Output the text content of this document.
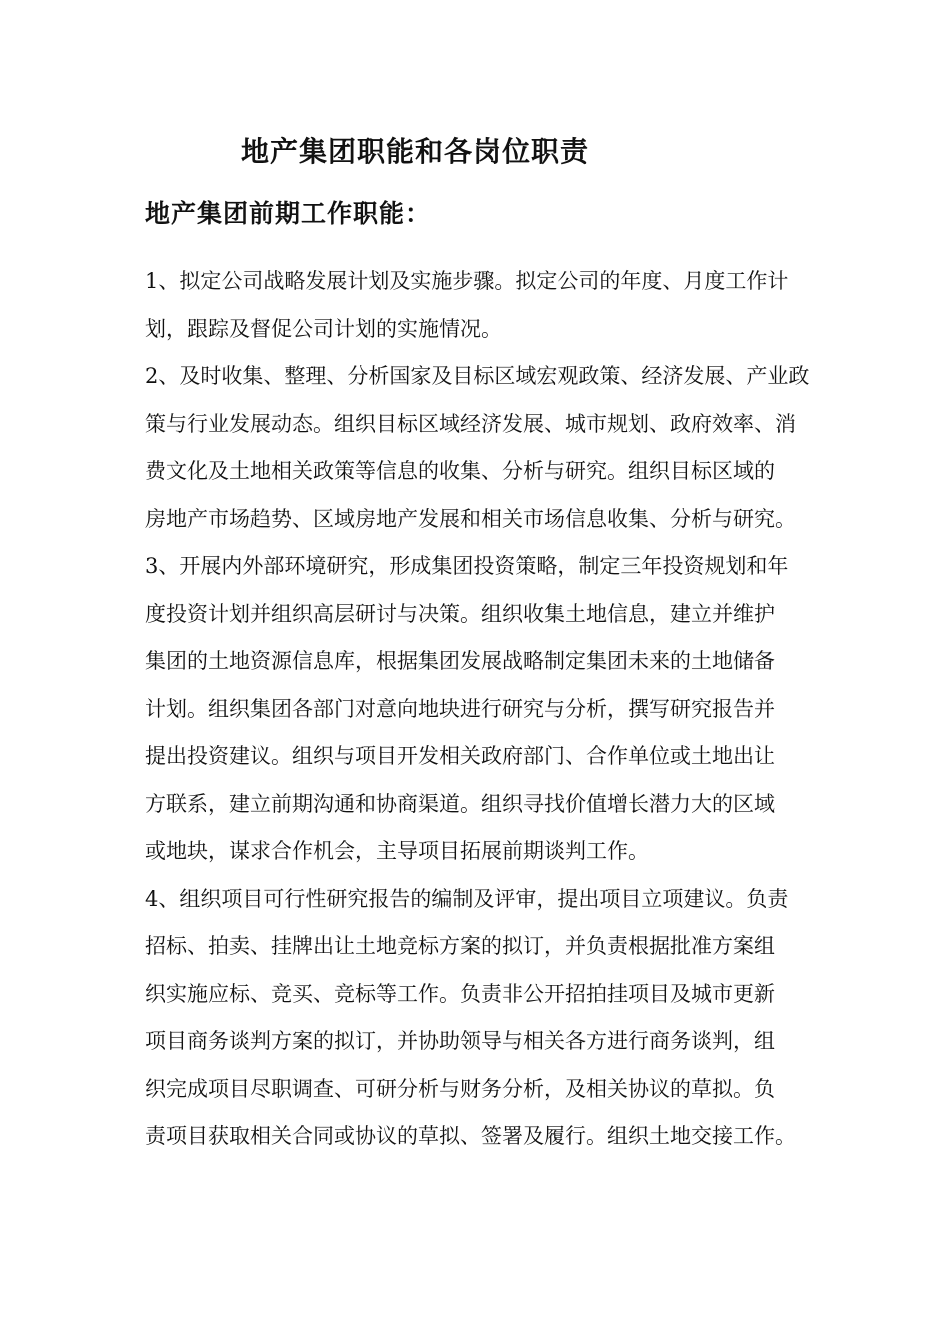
地产集团职能和各岗位职责
地产集团前期工作职能：

1、拟定公司战略发展计划及实施步骤。拟定公司的年度、月度工作计
划，跟踪及督促公司计划的实施情况。

2、及时收集、整理、分析国家及目标区域宏观政策、经济发展、产业政
策与行业发展动态。组织目标区域经济发展、城市规划、政府效率、消
费文化及土地相关政策等信息的收集、分析与研究。组织目标区域的
房地产市场趋势、区域房地产发展和相关市场信息收集、分析与研究。

3、开展内外部环境研究，形成集团投资策略，制定三年投资规划和年
度投资计划并组织高层研讨与决策。组织收集土地信息，建立并维护
集团的土地资源信息库，根据集团发展战略制定集团未来的土地储备
计划。组织集团各部门对意向地块进行研究与分析，撰写研究报告并
提出投资建议。组织与项目开发相关政府部门、合作单位或土地出让
方联系，建立前期沟通和协商渠道。组织寻找价值增长潜力大的区域
或地块，谋求合作机会，主导项目拓展前期谈判工作。

4、组织项目可行性研究报告的编制及评审，提出项目立项建议。负责
招标、拍卖、挂牌出让土地竞标方案的拟订，并负责根据批准方案组
织实施应标、竞买、竞标等工作。负责非公开招拍挂项目及城市更新
项目商务谈判方案的拟订，并协助领导与相关各方进行商务谈判，组
织完成项目尽职调查、可研分析与财务分析，及相关协议的草拟。负
责项目获取相关合同或协议的草拟、签署及履行。组织土地交接工作。
